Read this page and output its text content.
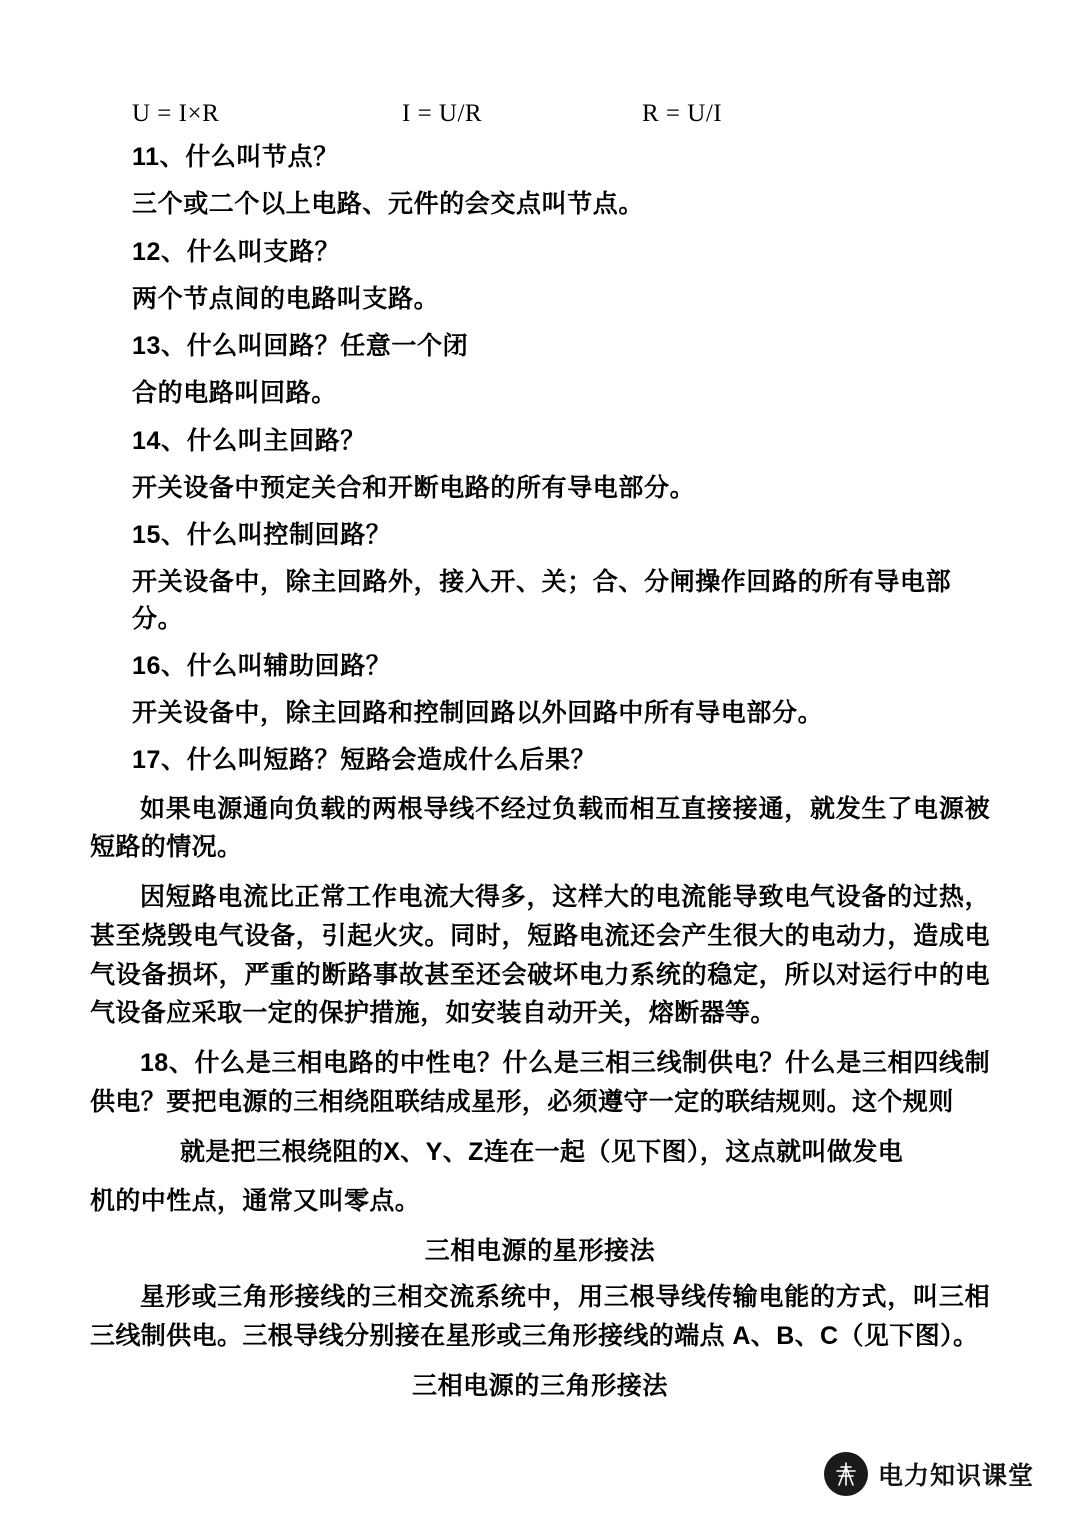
U = I×R	I = U/R	R = U/I
11、什么叫节点？
三个或二个以上电路、元件的会交点叫节点。
12、什么叫支路？
两个节点间的电路叫支路。
13、什么叫回路？任意一个闭
合的电路叫回路。
14、什么叫主回路？
开关设备中预定关合和开断电路的所有导电部分。
15、什么叫控制回路？
开关设备中，除主回路外，接入开、关；合、分闸操作回路的所有导电部分。
16、什么叫辅助回路？
开关设备中，除主回路和控制回路以外回路中所有导电部分。
17、什么叫短路？短路会造成什么后果？
如果电源通向负载的两根导线不经过负载而相互直接接通，就发生了电源被短路的情况。
因短路电流比正常工作电流大得多，这样大的电流能导致电气设备的过热，甚至烧毁电气设备，引起火灾。同时，短路电流还会产生很大的电动力，造成电气设备损坏，严重的断路事故甚至还会破坏电力系统的稳定，所以对运行中的电气设备应采取一定的保护措施，如安装自动开关，熔断器等。
18、什么是三相电路的中性电？什么是三相三线制供电？什么是三相四线制供电？要把电源的三相绕阻联结成星形，必须遵守一定的联结规则。这个规则
就是把三根绕阻的X、Y、Z连在一起（见下图），这点就叫做发电
机的中性点，通常又叫零点。
三相电源的星形接法
星形或三角形接线的三相交流系统中，用三根导线传输电能的方式，叫三相三线制供电。三根导线分别接在星形或三角形接线的端点 A、B、C（见下图）。
三相电源的三角形接法
电力知识课堂
